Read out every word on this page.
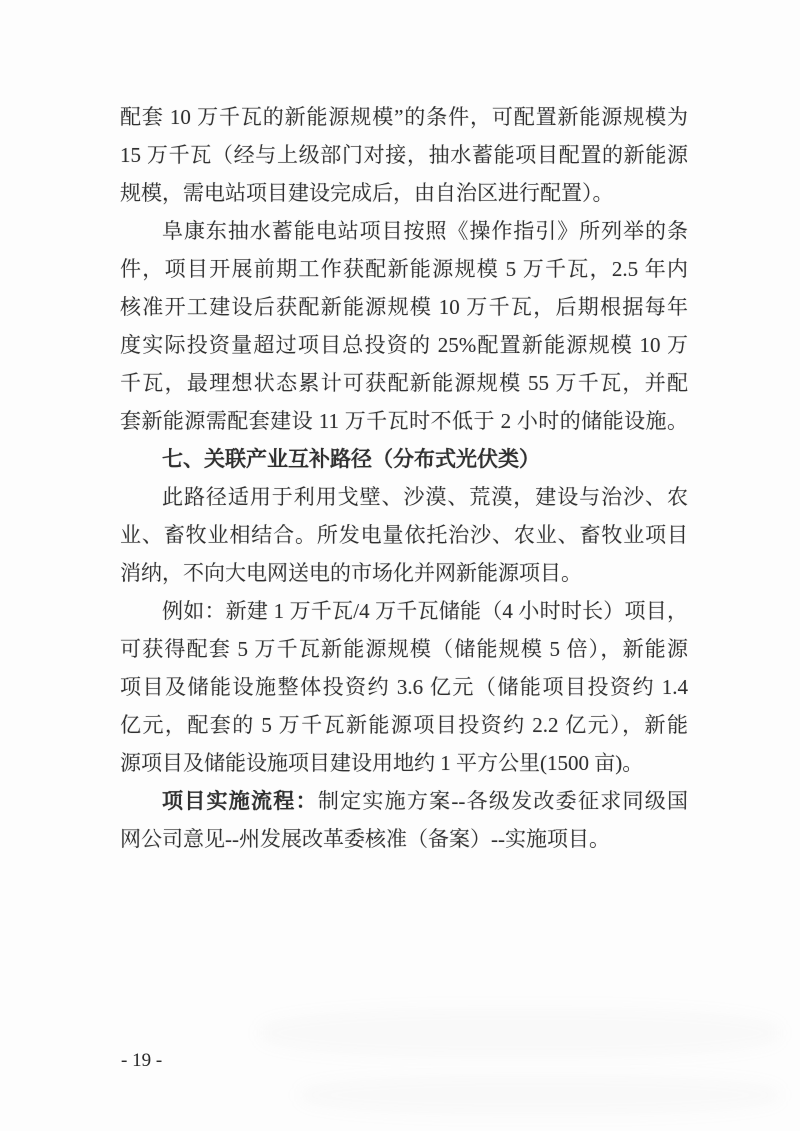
配套 10 万千瓦的新能源规模”的条件，可配置新能源规模为
15 万千瓦（经与上级部门对接，抽水蓄能项目配置的新能源
规模，需电站项目建设完成后，由自治区进行配置）。
阜康东抽水蓄能电站项目按照《操作指引》所列举的条
件，项目开展前期工作获配新能源规模 5 万千瓦，2.5 年内
核准开工建设后获配新能源规模 10 万千瓦，后期根据每年
度实际投资量超过项目总投资的 25%配置新能源规模 10 万
千瓦，最理想状态累计可获配新能源规模 55 万千瓦，并配
套新能源需配套建设 11 万千瓦时不低于 2 小时的储能设施。
七、关联产业互补路径（分布式光伏类）
此路径适用于利用戈壁、沙漠、荒漠，建设与治沙、农
业、畜牧业相结合。所发电量依托治沙、农业、畜牧业项目
消纳，不向大电网送电的市场化并网新能源项目。
例如：新建 1 万千瓦/4 万千瓦储能（4 小时时长）项目，
可获得配套 5 万千瓦新能源规模（储能规模 5 倍），新能源
项目及储能设施整体投资约 3.6 亿元（储能项目投资约 1.4
亿元，配套的 5 万千瓦新能源项目投资约 2.2 亿元），新能
源项目及储能设施项目建设用地约 1 平方公里(1500 亩)。
项目实施流程：制定实施方案--各级发改委征求同级国
网公司意见--州发展改革委核准（备案）--实施项目。
- 19 -
